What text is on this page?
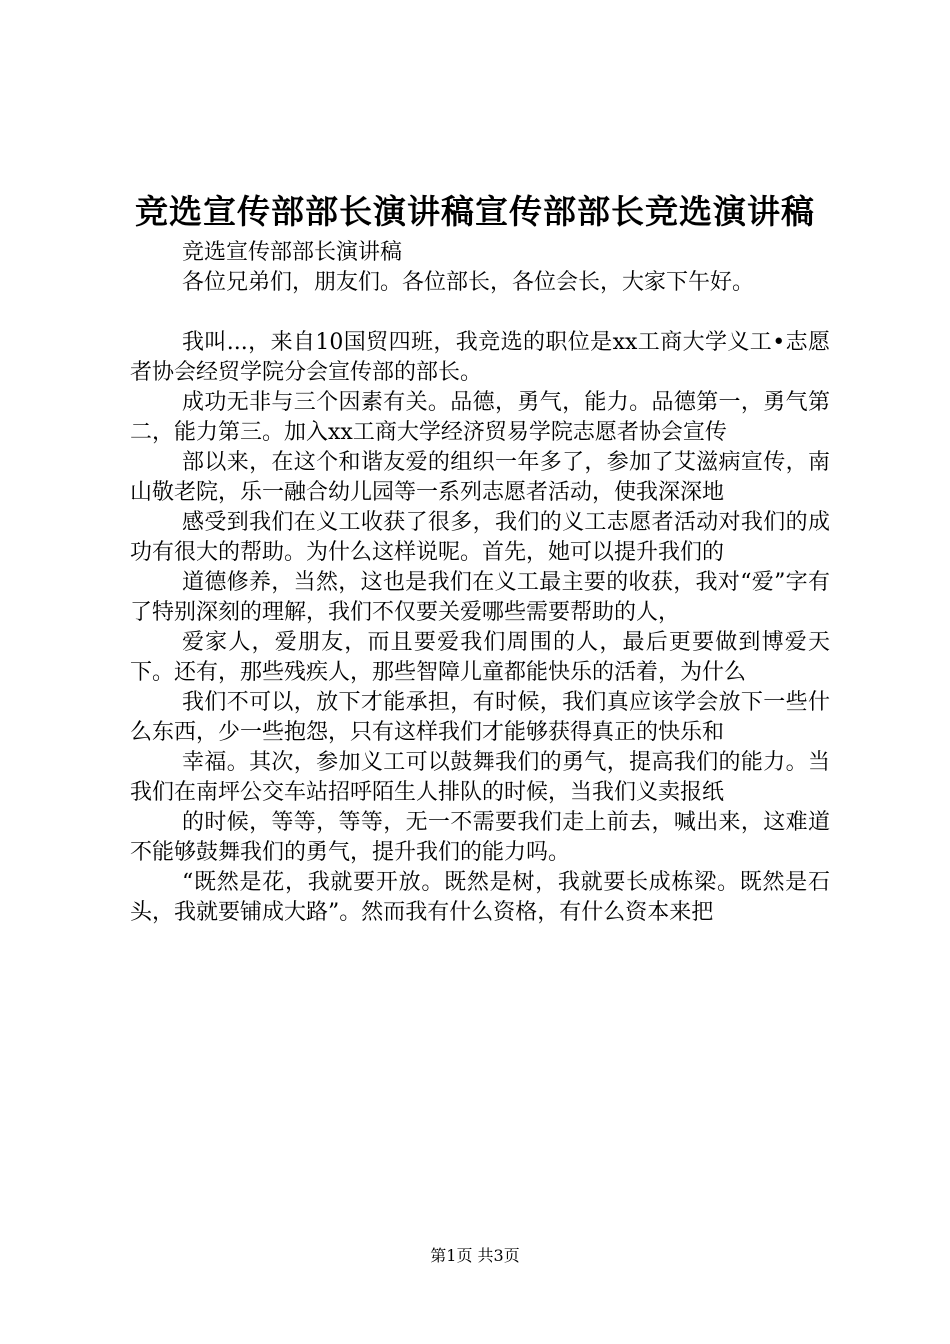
竞选宣传部部长演讲稿宣传部部长竞选演讲稿

竞选宣传部部长演讲稿

各位兄弟们，朋友们。各位部长，各位会长，大家下午好。

我叫...，来自10国贸四班，我竞选的职位是xx工商大学义工•志愿者协会经贸学院分会宣传部的部长。

成功无非与三个因素有关。品德，勇气，能力。品德第一，勇气第二，能力第三。加入xx工商大学经济贸易学院志愿者协会宣传

部以来，在这个和谐友爱的组织一年多了，参加了艾滋病宣传，南山敬老院，乐一融合幼儿园等一系列志愿者活动，使我深深地

感受到我们在义工收获了很多，我们的义工志愿者活动对我们的成功有很大的帮助。为什么这样说呢。首先，她可以提升我们的

道德修养，当然，这也是我们在义工最主要的收获，我对“爱”字有了特别深刻的理解，我们不仅要关爱哪些需要帮助的人，

爱家人，爱朋友，而且要爱我们周围的人，最后更要做到博爱天下。还有，那些残疾人，那些智障儿童都能快乐的活着，为什么

我们不可以，放下才能承担，有时候，我们真应该学会放下一些什么东西，少一些抱怨，只有这样我们才能够获得真正的快乐和

幸福。其次，参加义工可以鼓舞我们的勇气，提高我们的能力。当我们在南坪公交车站招呼陌生人排队的时候，当我们义卖报纸

的时候，等等，等等，无一不需要我们走上前去，喊出来，这难道不能够鼓舞我们的勇气，提升我们的能力吗。

“既然是花，我就要开放。既然是树，我就要长成栋梁。既然是石头，我就要铺成大路”。然而我有什么资格，有什么资本来把

第1页 共3页
